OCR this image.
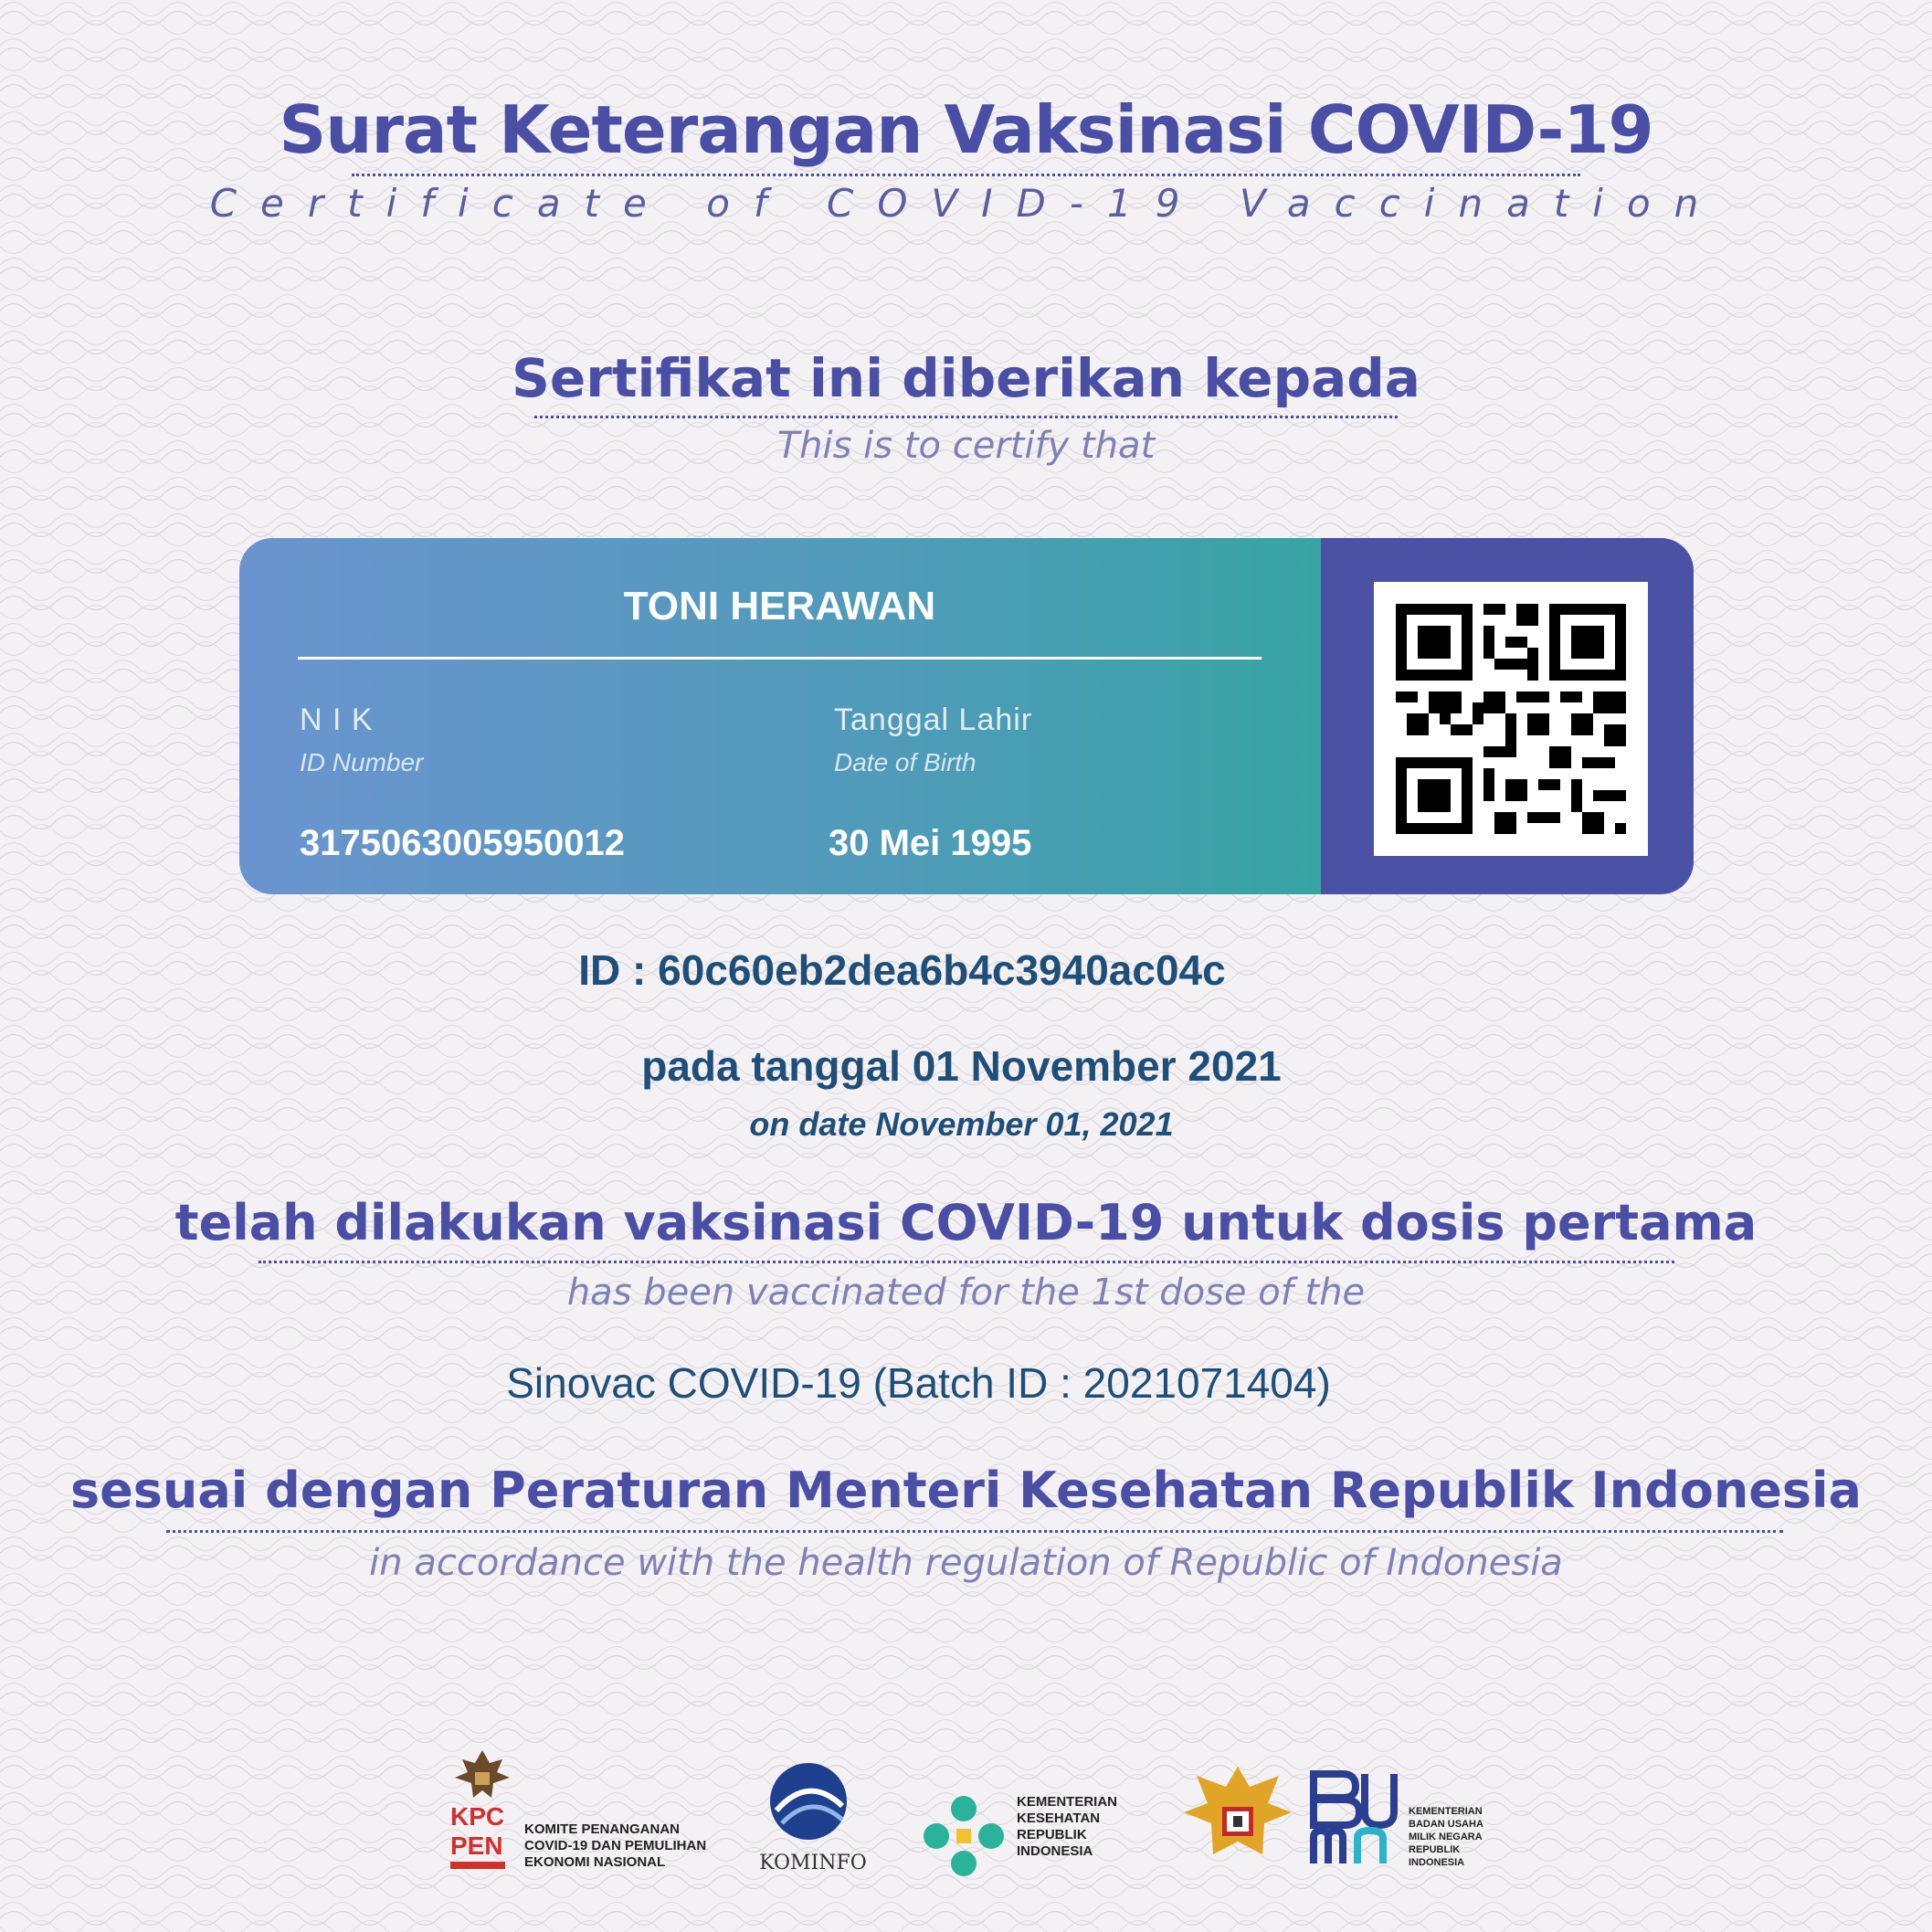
Surat Keterangan Vaksinasi COVID-19
Certificate of COVID-19 Vaccination
Sertifikat ini diberikan kepada
This is to certify that
TONI HERAWAN
N I K
ID Number
3175063005950012
Tanggal Lahir
Date of Birth
30 Mei 1995
ID : 60c60eb2dea6b4c3940ac04c
pada tanggal 01 November 2021
on date November 01, 2021
telah dilakukan vaksinasi COVID-19 untuk dosis pertama
has been vaccinated for the 1st dose of the
Sinovac COVID-19 (Batch ID : 2021071404)
sesuai dengan Peraturan Menteri Kesehatan Republik Indonesia
in accordance with the health regulation of Republic of Indonesia
KPC
PEN
KOMITE PENANGANAN COVID-19 DAN PEMULIHAN EKONOMI NASIONAL	KOMINFO
KEMENTERIAN KESEHATAN REPUBLIK INDONESIA
KEMENTERIAN BADAN USAHA MILIK NEGARA REPUBLIK INDONESIA
